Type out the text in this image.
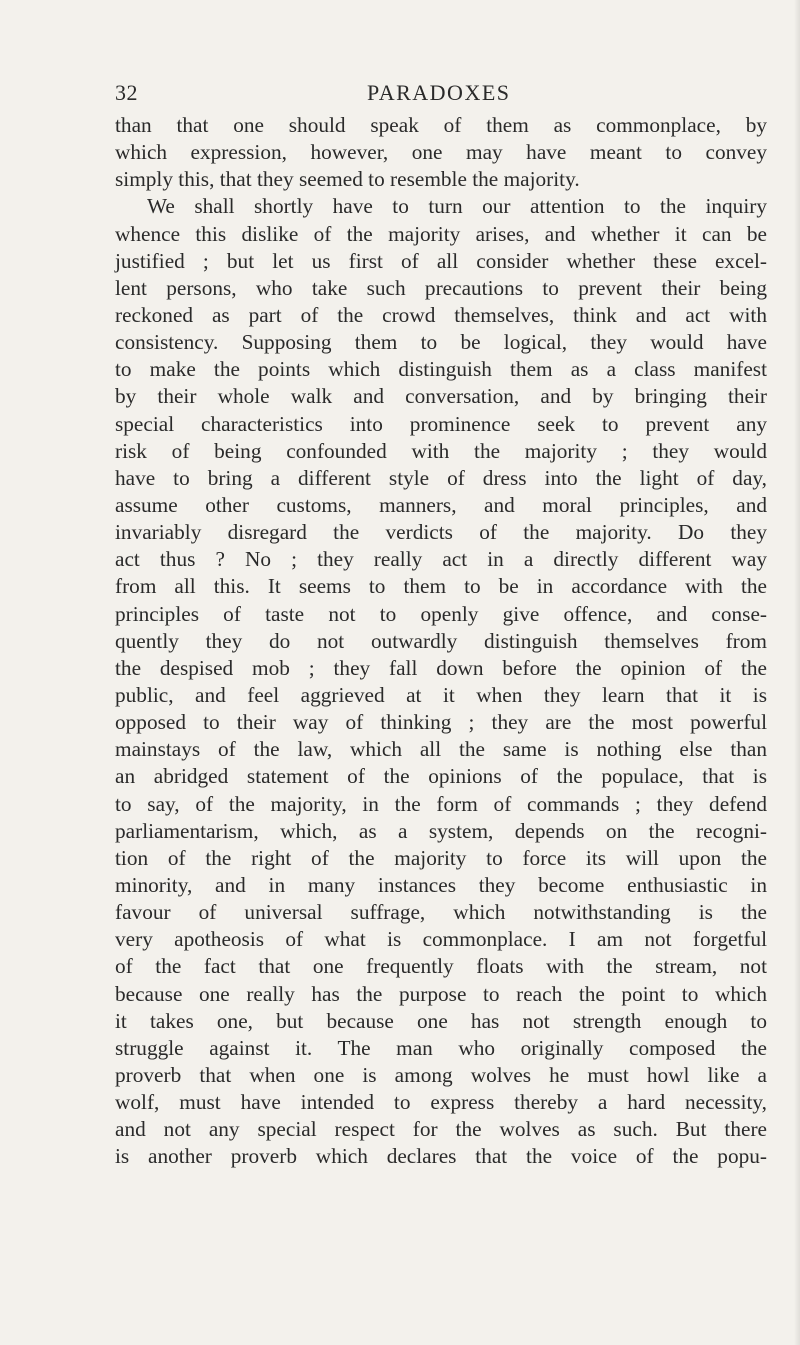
32	PARADOXES
than that one should speak of them as commonplace, by
which expression, however, one may have meant to convey
simply this, that they seemed to resemble the majority.
We shall shortly have to turn our attention to the inquiry
whence this dislike of the majority arises, and whether it can be
justified ; but let us first of all consider whether these excel-
lent persons, who take such precautions to prevent their being
reckoned as part of the crowd themselves, think and act with
consistency. Supposing them to be logical, they would have
to make the points which distinguish them as a class manifest
by their whole walk and conversation, and by bringing their
special characteristics into prominence seek to prevent any
risk of being confounded with the majority ; they would
have to bring a different style of dress into the light of day,
assume other customs, manners, and moral principles, and
invariably disregard the verdicts of the majority. Do they
act thus ? No ; they really act in a directly different way
from all this. It seems to them to be in accordance with the
principles of taste not to openly give offence, and conse-
quently they do not outwardly distinguish themselves from
the despised mob ; they fall down before the opinion of the
public, and feel aggrieved at it when they learn that it is
opposed to their way of thinking ; they are the most powerful
mainstays of the law, which all the same is nothing else than
an abridged statement of the opinions of the populace, that is
to say, of the majority, in the form of commands ; they defend
parliamentarism, which, as a system, depends on the recogni-
tion of the right of the majority to force its will upon the
minority, and in many instances they become enthusiastic in
favour of universal suffrage, which notwithstanding is the
very apotheosis of what is commonplace. I am not forgetful
of the fact that one frequently floats with the stream, not
because one really has the purpose to reach the point to which
it takes one, but because one has not strength enough to
struggle against it. The man who originally composed the
proverb that when one is among wolves he must howl like a
wolf, must have intended to express thereby a hard necessity,
and not any special respect for the wolves as such. But there
is another proverb which declares that the voice of the popu-
